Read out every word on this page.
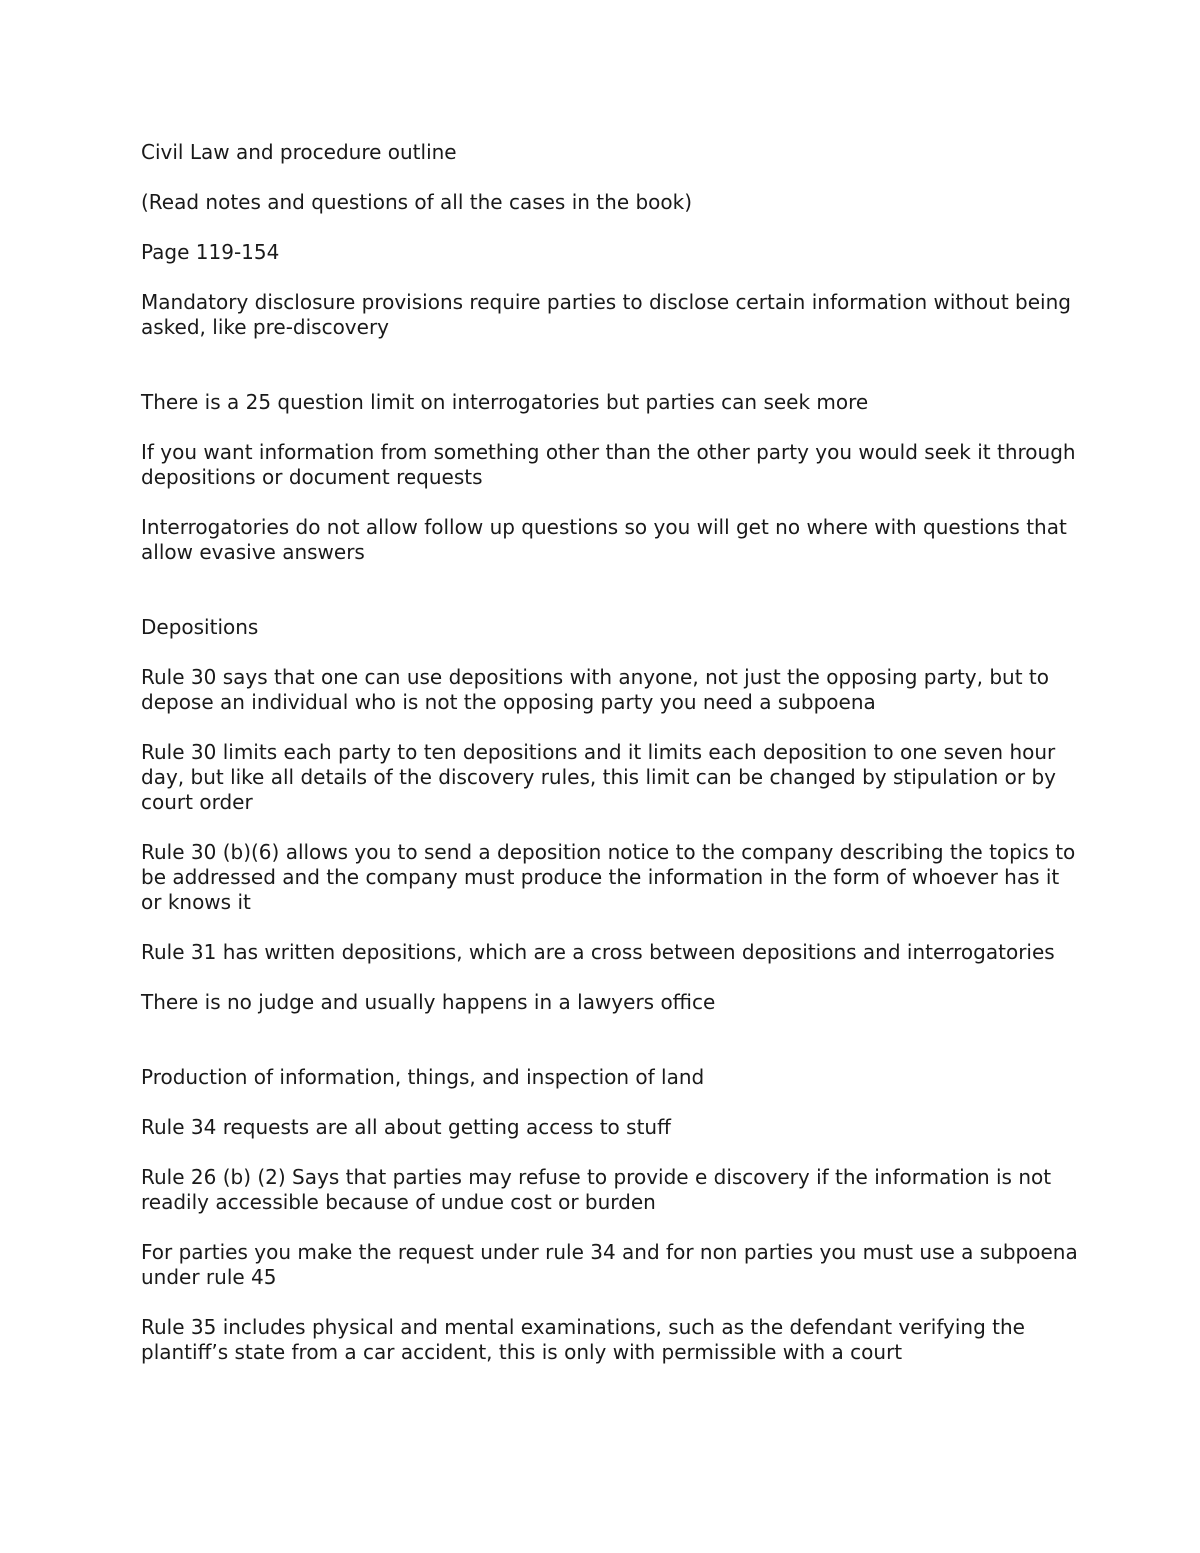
Civil Law and procedure outline

(Read notes and questions of all the cases in the book)

Page 119-154

Mandatory disclosure provisions require parties to disclose certain information without being asked, like pre-discovery

There is a 25 question limit on interrogatories but parties can seek more

If you want information from something other than the other party you would seek it through depositions or document requests

Interrogatories do not allow follow up questions so you will get no where with questions that allow evasive answers

Depositions

Rule 30 says that one can use depositions with anyone, not just the opposing party, but to depose an individual who is not the opposing party you need a subpoena

Rule 30 limits each party to ten depositions and it limits each deposition to one seven hour day, but like all details of the discovery rules, this limit can be changed by stipulation or by court order

Rule 30 (b)(6) allows you to send a deposition notice to the company describing the topics to be addressed and the company must produce the information in the form of whoever has it or knows it

Rule 31 has written depositions, which are a cross between depositions and interrogatories

There is no judge and usually happens in a lawyers office

Production of information, things, and inspection of land

Rule 34 requests are all about getting access to stuff

Rule 26 (b) (2) Says that parties may refuse to provide e discovery if the information is not readily accessible because of undue cost or burden

For parties you make the request under rule 34 and for non parties you must use a subpoena under rule 45

Rule 35 includes physical and mental examinations, such as the defendant verifying the plantiff’s state from a car accident, this is only with permissible with a court
